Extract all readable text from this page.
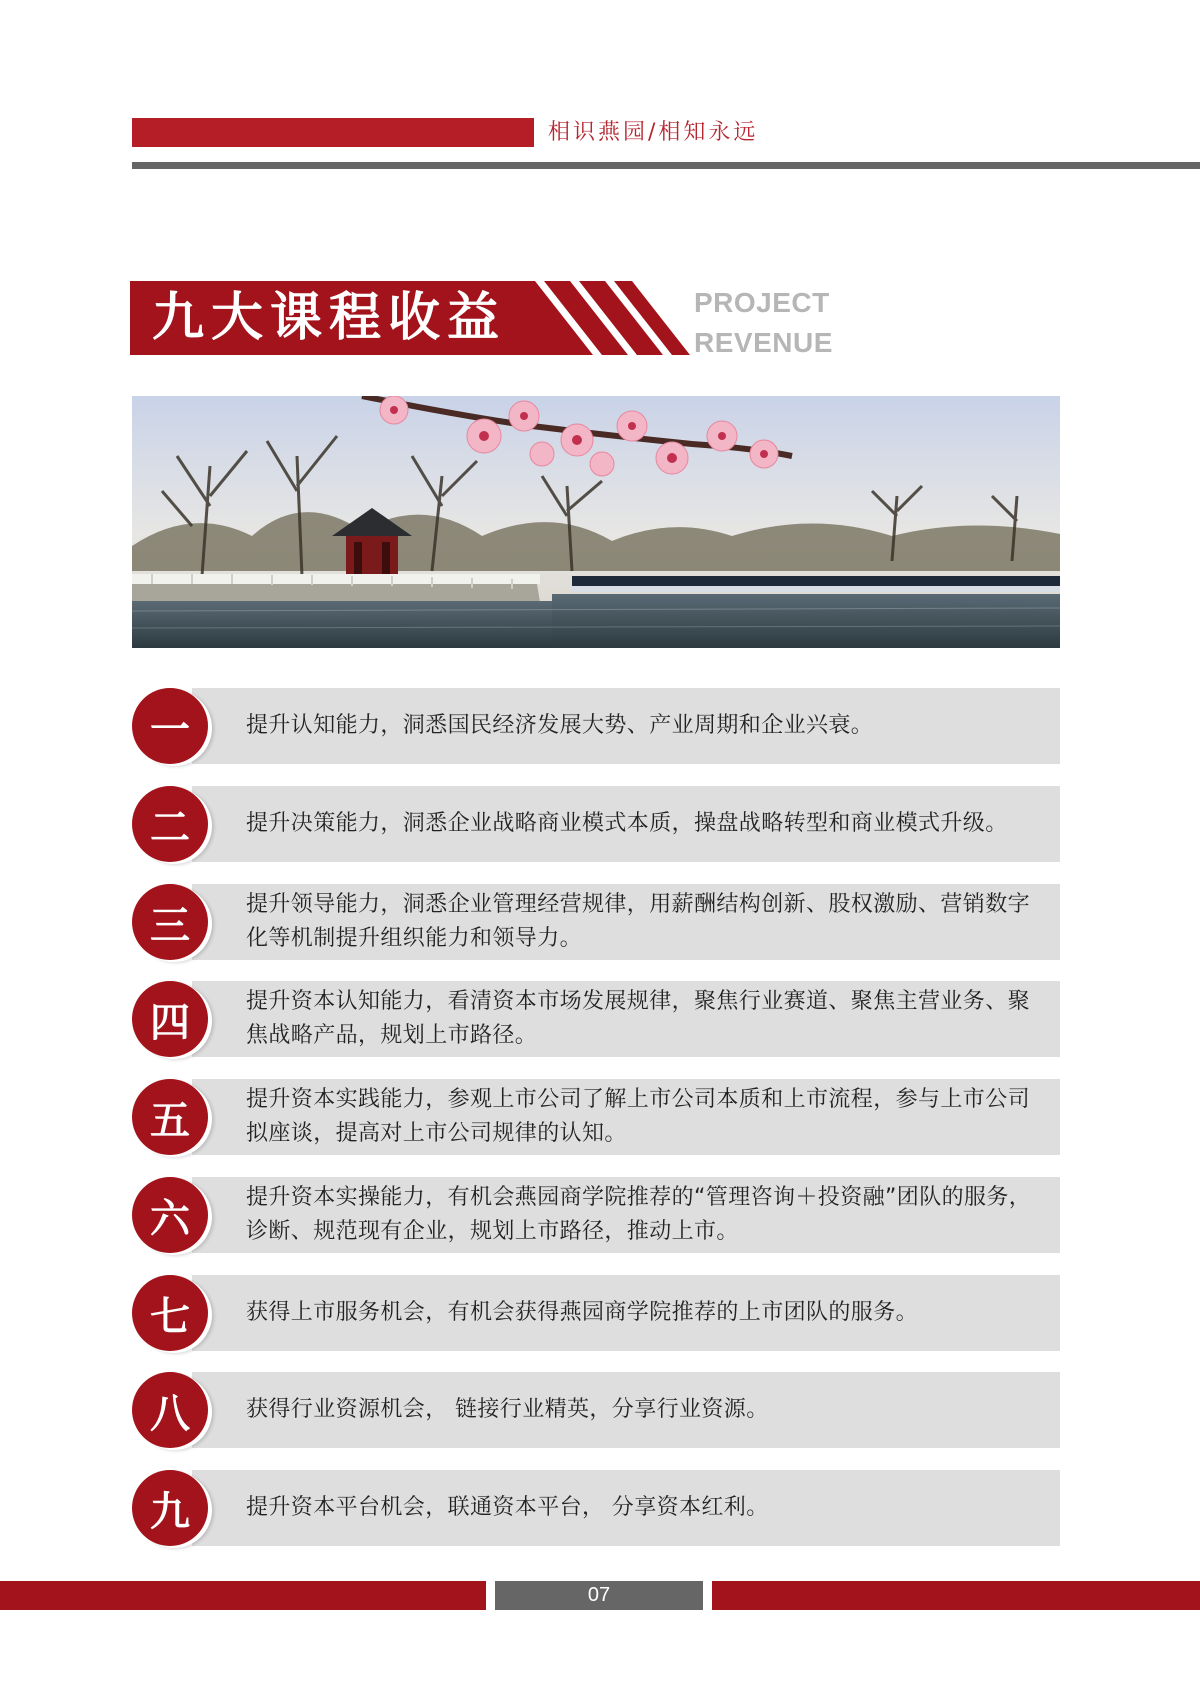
相识燕园/相知永远
九大课程收益	PROJECT
REVENUE
一	提升认知能力，洞悉国民经济发展大势、产业周期和企业兴衰。
二	提升决策能力，洞悉企业战略商业模式本质，操盘战略转型和商业模式升级。
三	提升领导能力，洞悉企业管理经营规律，用薪酬结构创新、股权激励、营销数字化等机制提升组织能力和领导力。
四	提升资本认知能力，看清资本市场发展规律，聚焦行业赛道、聚焦主营业务、聚焦战略产品，规划上市路径。
五	提升资本实践能力，参观上市公司了解上市公司本质和上市流程，参与上市公司拟座谈，提高对上市公司规律的认知。
六	提升资本实操能力，有机会燕园商学院推荐的“管理咨询＋投资融”团队的服务，诊断、规范现有企业，规划上市路径，推动上市。
七	获得上市服务机会，有机会获得燕园商学院推荐的上市团队的服务。
八	获得行业资源机会， 链接行业精英，分享行业资源。
九	提升资本平台机会，联通资本平台， 分享资本红利。
07
